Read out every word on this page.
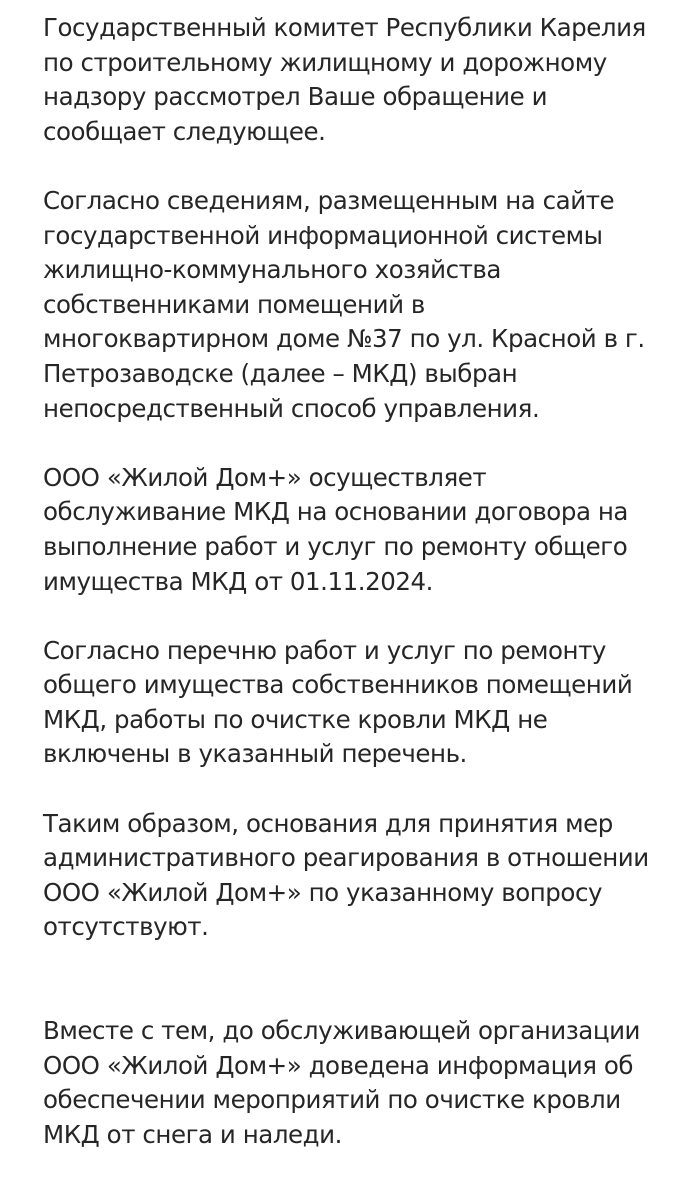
Государственный комитет Республики Карелия
по строительному жилищному и дорожному
надзору рассмотрел Ваше обращение и
сообщает следующее.
Согласно сведениям, размещенным на сайте
государственной информационной системы
жилищно-коммунального хозяйства
собственниками помещений в
многоквартирном доме №37 по ул. Красной в г.
Петрозаводске (далее – МКД) выбран
непосредственный способ управления.
ООО «Жилой Дом+» осуществляет
обслуживание МКД на основании договора на
выполнение работ и услуг по ремонту общего
имущества МКД от 01.11.2024.
Согласно перечню работ и услуг по ремонту
общего имущества собственников помещений
МКД, работы по очистке кровли МКД не
включены в указанный перечень.
Таким образом, основания для принятия мер
административного реагирования в отношении
ООО «Жилой Дом+» по указанному вопросу
отсутствуют.
Вместе с тем, до обслуживающей организации
ООО «Жилой Дом+» доведена информация об
обеспечении мероприятий по очистке кровли
МКД от снега и наледи.
